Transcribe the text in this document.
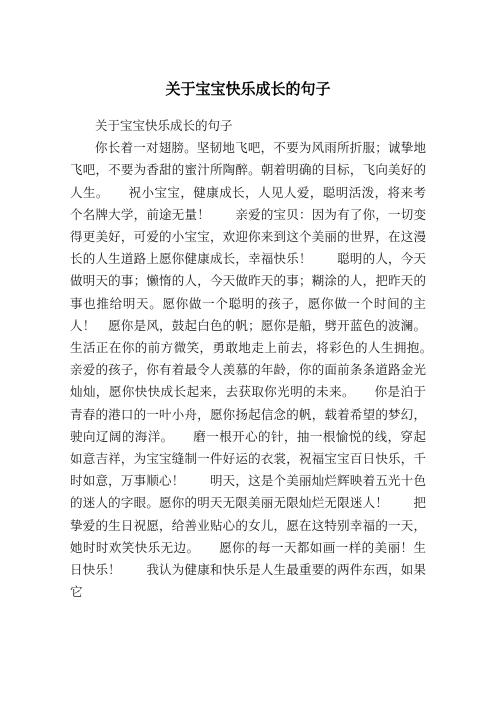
关于宝宝快乐成长的句子

关于宝宝快乐成长的句子

你长着一对翅膀。坚韧地飞吧，不要为风雨所折服；诚挚地飞吧，不要为香甜的蜜汁所陶醉。朝着明确的目标，飞向美好的人生。　　祝小宝宝，健康成长，人见人爱，聪明活泼，将来考个名牌大学，前途无量！　　亲爱的宝贝：因为有了你，一切变得更美好，可爱的小宝宝，欢迎你来到这个美丽的世界，在这漫长的人生道路上愿你健康成长，幸福快乐！　　聪明的人，今天做明天的事；懒惰的人，今天做昨天的事；糊涂的人，把昨天的事也推给明天。愿你做一个聪明的孩子，愿你做一个时间的主人！　愿你是风，鼓起白色的帆；愿你是船，劈开蓝色的波澜。生活正在你的前方微笑，勇敢地走上前去，将彩色的人生拥抱。　　亲爱的孩子，你有着最令人羡慕的年龄，你的面前条条道路金光灿灿，愿你快快成长起来，去获取你光明的未来。　　你是泊于青春的港口的一叶小舟，愿你扬起信念的帆，载着希望的梦幻，驶向辽阔的海洋。　　磨一根开心的针，抽一根愉悦的线，穿起如意吉祥，为宝宝缝制一件好运的衣裳，祝福宝宝百日快乐，千时如意，万事顺心！　　明天，这是个美丽灿烂辉映着五光十色的迷人的字眼。愿你的明天无限美丽无限灿烂无限迷人！　　把挚爱的生日祝愿，给善业贴心的女儿，愿在这特别幸福的一天，她时时欢笑快乐无边。　　愿你的每一天都如画一样的美丽！生日快乐！　　我认为健康和快乐是人生最重要的两件东西，如果它
